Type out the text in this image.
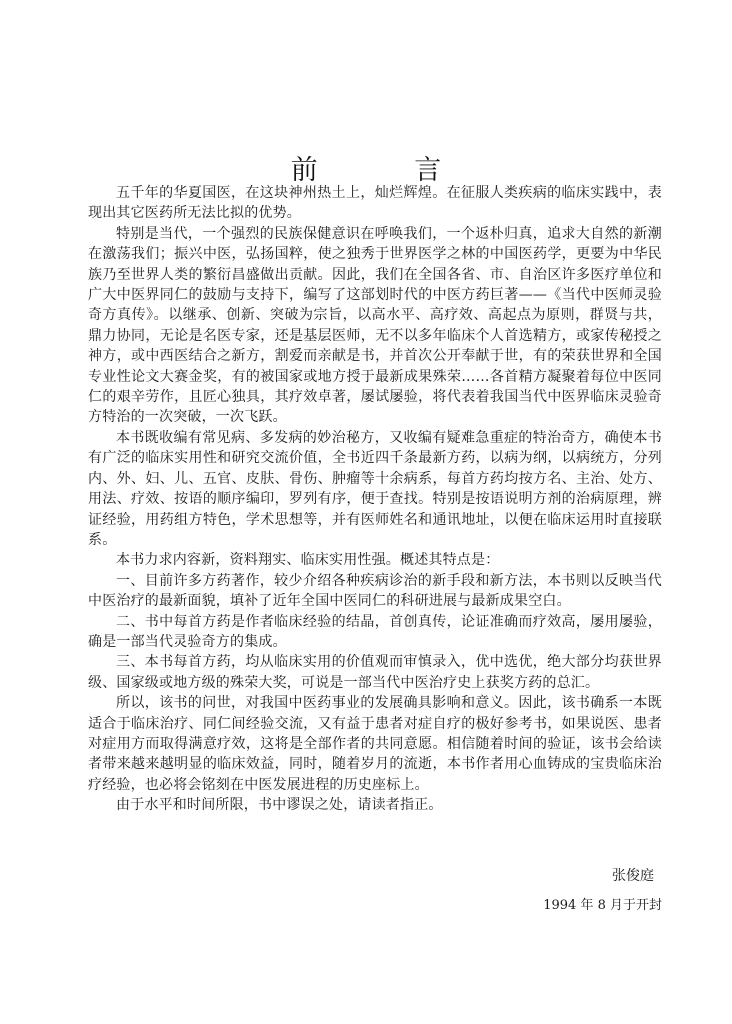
前 言

五千年的华夏国医，在这块神州热土上，灿烂辉煌。在征服人类疾病的临床实践中，表现出其它医药所无法比拟的优势。

特别是当代，一个强烈的民族保健意识在呼唤我们，一个返朴归真，追求大自然的新潮在激荡我们；振兴中医，弘扬国粹，使之独秀于世界医学之林的中国医药学，更要为中华民族乃至世界人类的繁衍昌盛做出贡献。因此，我们在全国各省、市、自治区许多医疗单位和广大中医界同仁的鼓励与支持下，编写了这部划时代的中医方药巨著——《当代中医师灵验奇方真传》。以继承、创新、突破为宗旨，以高水平、高疗效、高起点为原则，群贤与共，鼎力协同，无论是名医专家，还是基层医师，无不以多年临床个人首选精方，或家传秘授之神方，或中西医结合之新方，割爱而亲献是书，并首次公开奉献于世，有的荣获世界和全国专业性论文大赛金奖，有的被国家或地方授于最新成果殊荣……各首精方凝聚着每位中医同仁的艰辛劳作，且匠心独具，其疗效卓著，屡试屡验，将代表着我国当代中医界临床灵验奇方特治的一次突破，一次飞跃。

本书既收编有常见病、多发病的妙治秘方，又收编有疑难急重症的特治奇方，确使本书有广泛的临床实用性和研究交流价值，全书近四千条最新方药，以病为纲，以病统方，分列内、外、妇、儿、五官、皮肤、骨伤、肿瘤等十余病系，每首方药均按方名、主治、处方、用法、疗效、按语的顺序编印，罗列有序，便于查找。特别是按语说明方剂的治病原理，辨证经验，用药组方特色，学术思想等，并有医师姓名和通讯地址，以便在临床运用时直接联系。

本书力求内容新，资料翔实、临床实用性强。概述其特点是：

一、目前许多方药著作，较少介绍各种疾病诊治的新手段和新方法，本书则以反映当代中医治疗的最新面貌，填补了近年全国中医同仁的科研进展与最新成果空白。

二、书中每首方药是作者临床经验的结晶，首创真传，论证准确而疗效高，屡用屡验，确是一部当代灵验奇方的集成。

三、本书每首方药，均从临床实用的价值观而审慎录入，优中选优，绝大部分均获世界级、国家级或地方级的殊荣大奖，可说是一部当代中医治疗史上获奖方药的总汇。

所以，该书的问世，对我国中医药事业的发展确具影响和意义。因此，该书确系一本既适合于临床治疗、同仁间经验交流，又有益于患者对症自疗的极好参考书，如果说医、患者对症用方而取得满意疗效，这将是全部作者的共同意愿。相信随着时间的验证，该书会给读者带来越来越明显的临床效益，同时，随着岁月的流逝，本书作者用心血铸成的宝贵临床治疗经验，也必将会铭刻在中医发展进程的历史座标上。

由于水平和时间所限，书中谬误之处，请读者指正。

张俊庭
1994 年 8 月于开封
